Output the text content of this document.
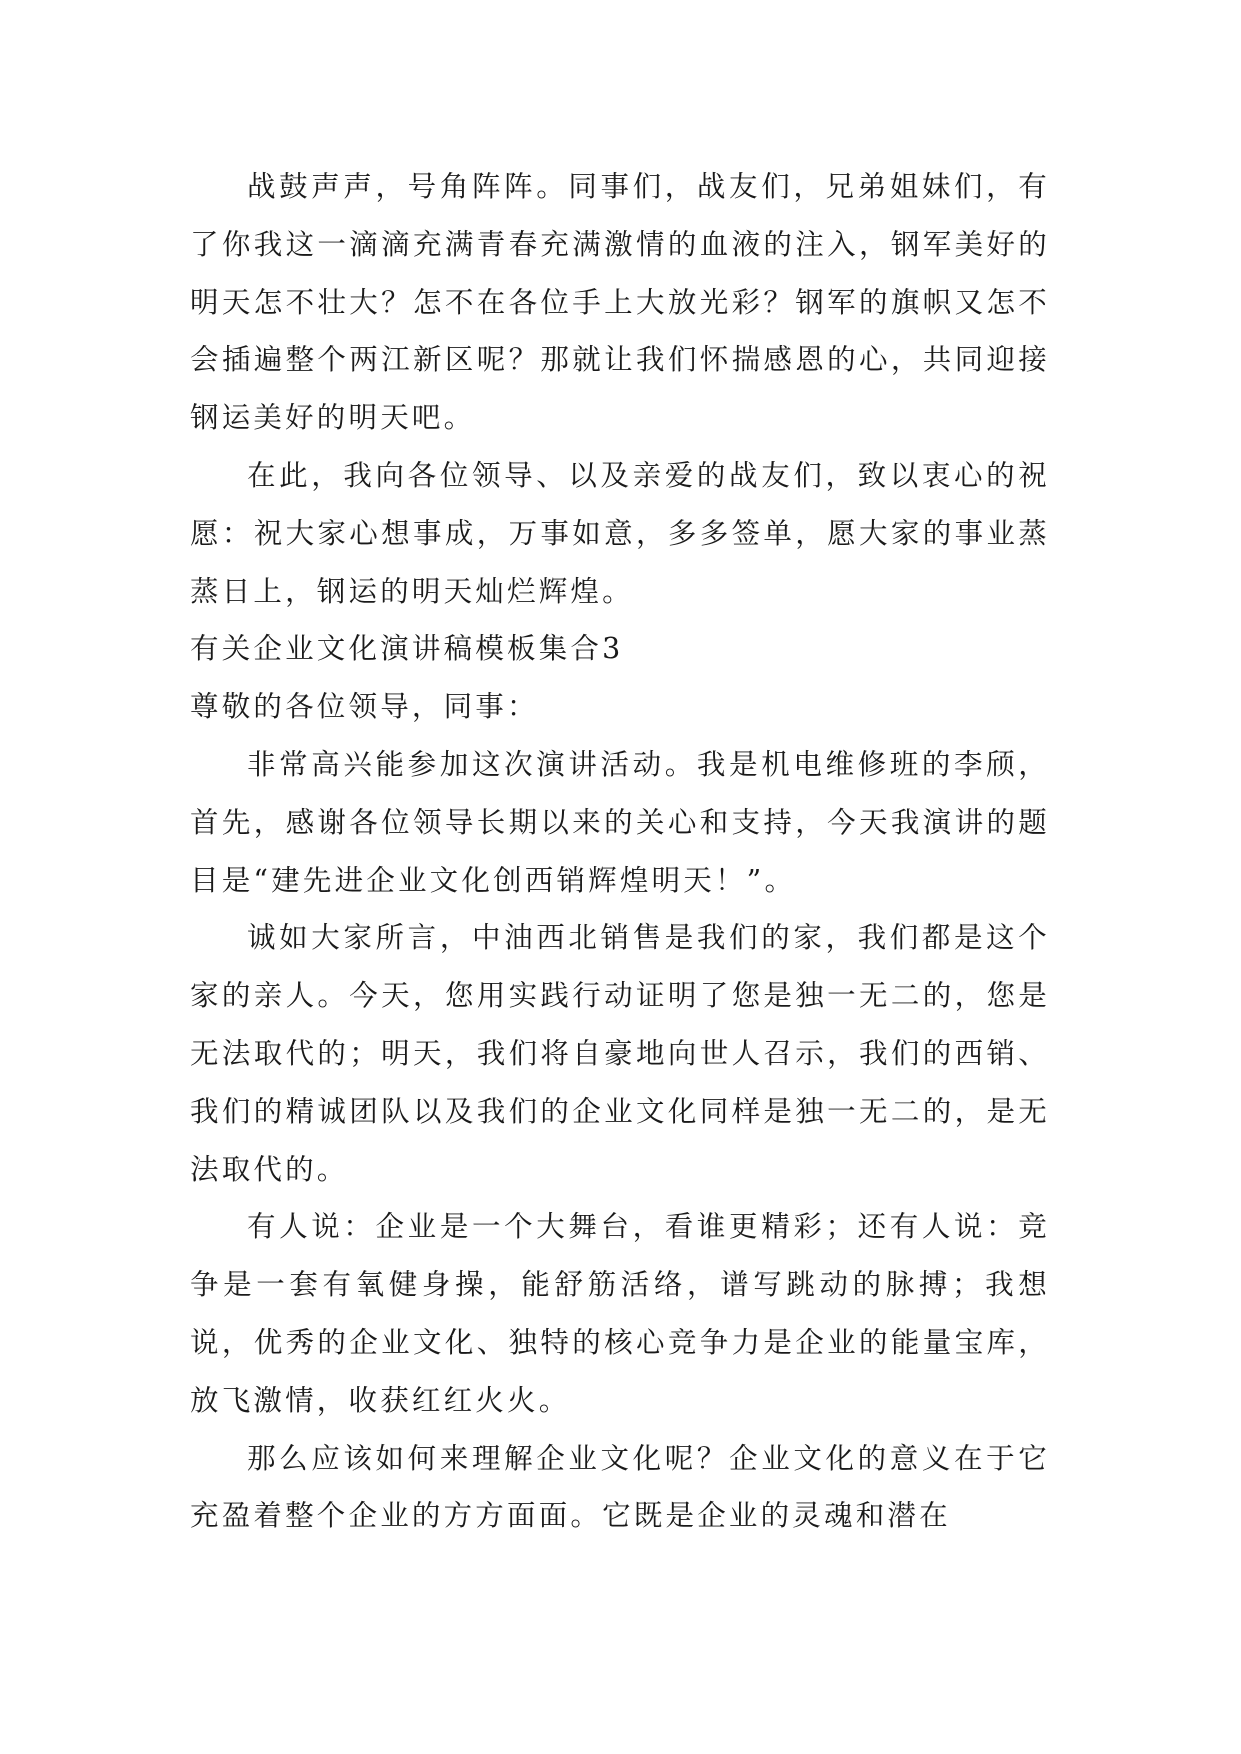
战鼓声声，号角阵阵。同事们，战友们，兄弟姐妹们，有了你我这一滴滴充满青春充满激情的血液的注入，钢军美好的明天怎不壮大？怎不在各位手上大放光彩？钢军的旗帜又怎不会插遍整个两江新区呢？那就让我们怀揣感恩的心，共同迎接钢运美好的明天吧。

在此，我向各位领导、以及亲爱的战友们，致以衷心的祝愿：祝大家心想事成，万事如意，多多签单，愿大家的事业蒸蒸日上，钢运的明天灿烂辉煌。

有关企业文化演讲稿模板集合3

尊敬的各位领导，同事：

非常高兴能参加这次演讲活动。我是机电维修班的李颀，首先，感谢各位领导长期以来的关心和支持，今天我演讲的题目是“建先进企业文化创西销辉煌明天！”。

诚如大家所言，中油西北销售是我们的家，我们都是这个家的亲人。今天，您用实践行动证明了您是独一无二的，您是无法取代的；明天，我们将自豪地向世人召示，我们的西销、我们的精诚团队以及我们的企业文化同样是独一无二的，是无法取代的。

有人说：企业是一个大舞台，看谁更精彩；还有人说：竞争是一套有氧健身操，能舒筋活络，谱写跳动的脉搏；我想说，优秀的企业文化、独特的核心竞争力是企业的能量宝库，放飞激情，收获红红火火。

那么应该如何来理解企业文化呢？企业文化的意义在于它充盈着整个企业的方方面面。它既是企业的灵魂和潜在
